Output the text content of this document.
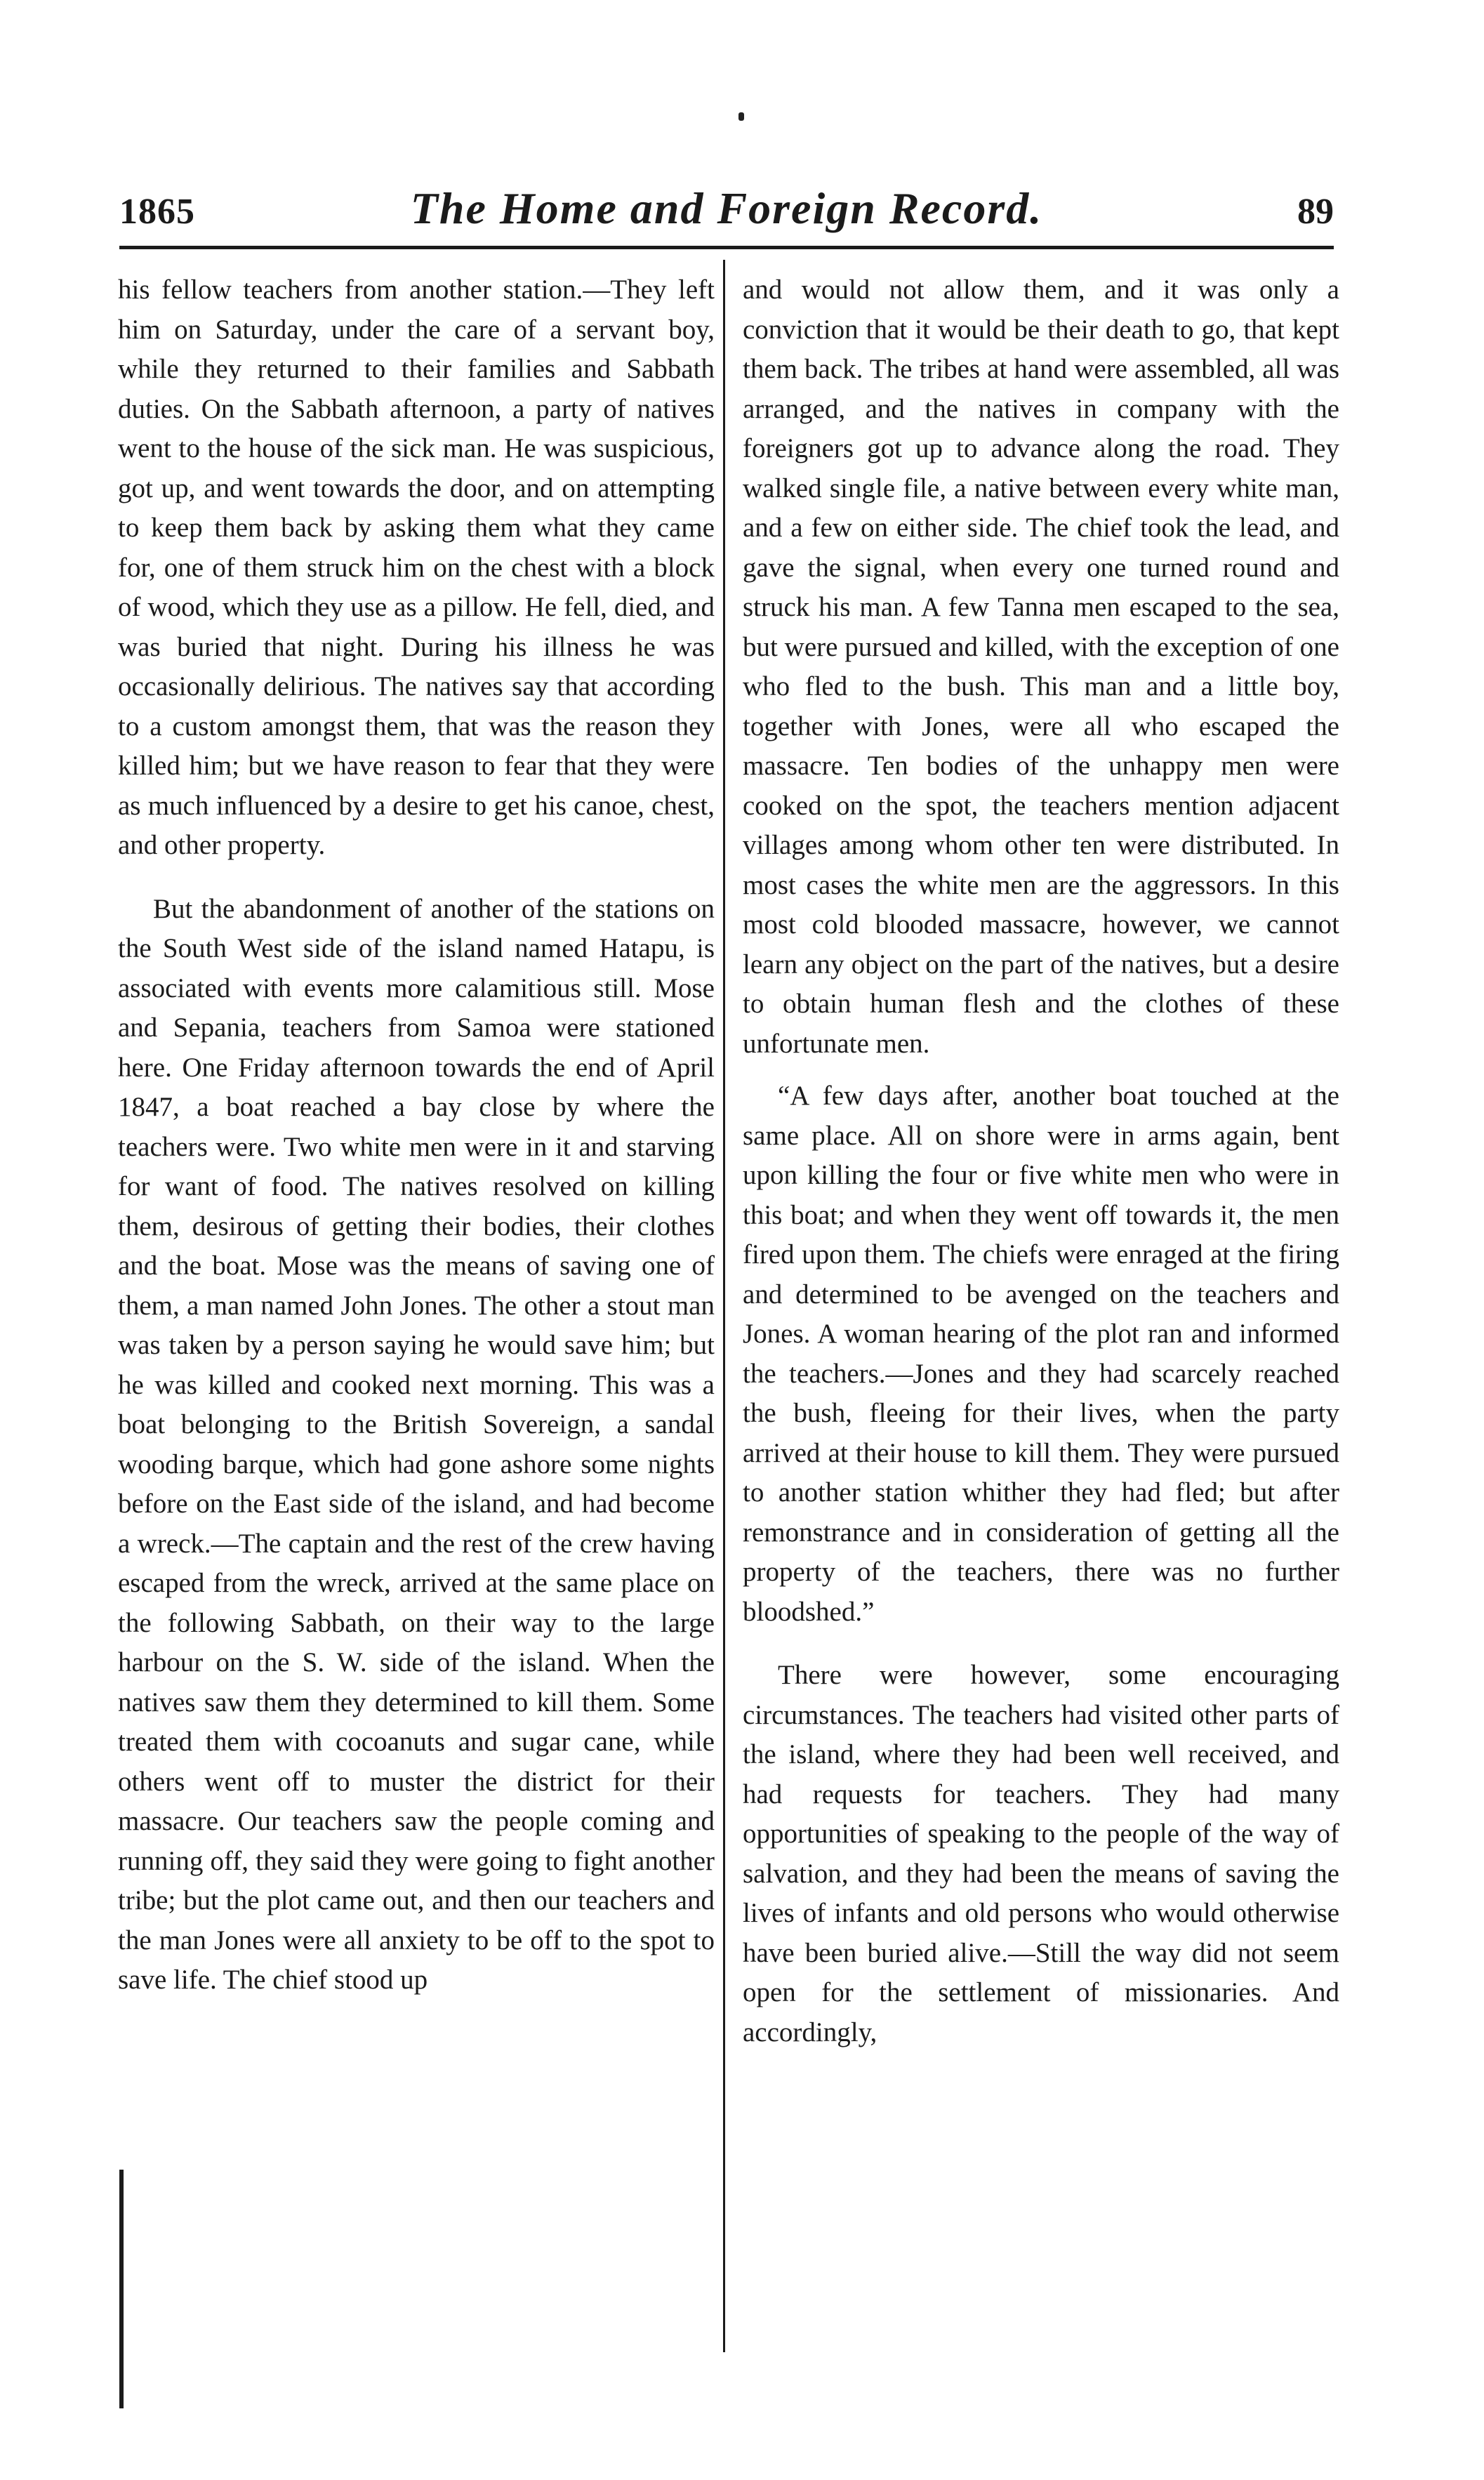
1865	The Home and Foreign Record.	89

his fellow teachers from another station.—They left him on Saturday, under the care of a servant boy, while they returned to their families and Sabbath duties. On the Sabbath afternoon, a party of natives went to the house of the sick man. He was suspicious, got up, and went towards the door, and on attempting to keep them back by asking them what they came for, one of them struck him on the chest with a block of wood, which they use as a pillow. He fell, died, and was buried that night. During his illness he was occasionally delirious. The natives say that according to a custom amongst them, that was the reason they killed him; but we have reason to fear that they were as much influenced by a desire to get his canoe, chest, and other property.

But the abandonment of another of the stations on the South West side of the island named Hatapu, is associated with events more calamitious still. Mose and Sepania, teachers from Samoa were stationed here. One Friday afternoon towards the end of April 1847, a boat reached a bay close by where the teachers were. Two white men were in it and starving for want of food. The natives resolved on killing them, desirous of getting their bodies, their clothes and the boat. Mose was the means of saving one of them, a man named John Jones. The other a stout man was taken by a person saying he would save him; but he was killed and cooked next morning. This was a boat belonging to the British Sovereign, a sandal wooding barque, which had gone ashore some nights before on the East side of the island, and had become a wreck.—The captain and the rest of the crew having escaped from the wreck, arrived at the same place on the following Sabbath, on their way to the large harbour on the S. W. side of the island. When the natives saw them they determined to kill them. Some treated them with cocoanuts and sugar cane, while others went off to muster the district for their massacre. Our teachers saw the people coming and running off, they said they were going to fight another tribe; but the plot came out, and then our teachers and the man Jones were all anxiety to be off to the spot to save life. The chief stood up

and would not allow them, and it was only a conviction that it would be their death to go, that kept them back. The tribes at hand were assembled, all was arranged, and the natives in company with the foreigners got up to advance along the road. They walked single file, a native between every white man, and a few on either side. The chief took the lead, and gave the signal, when every one turned round and struck his man. A few Tanna men escaped to the sea, but were pursued and killed, with the exception of one who fled to the bush. This man and a little boy, together with Jones, were all who escaped the massacre. Ten bodies of the unhappy men were cooked on the spot, the teachers mention adjacent villages among whom other ten were distributed. In most cases the white men are the aggressors. In this most cold blooded massacre, however, we cannot learn any object on the part of the natives, but a desire to obtain human flesh and the clothes of these unfortunate men.

“A few days after, another boat touched at the same place. All on shore were in arms again, bent upon killing the four or five white men who were in this boat; and when they went off towards it, the men fired upon them. The chiefs were enraged at the firing and determined to be avenged on the teachers and Jones. A woman hearing of the plot ran and informed the teachers.—Jones and they had scarcely reached the bush, fleeing for their lives, when the party arrived at their house to kill them. They were pursued to another station whither they had fled; but after remonstrance and in consideration of getting all the property of the teachers, there was no further bloodshed.”

There were however, some encouraging circumstances. The teachers had visited other parts of the island, where they had been well received, and had requests for teachers. They had many opportunities of speaking to the people of the way of salvation, and they had been the means of saving the lives of infants and old persons who would otherwise have been buried alive.—Still the way did not seem open for the settlement of missionaries. And accordingly,
